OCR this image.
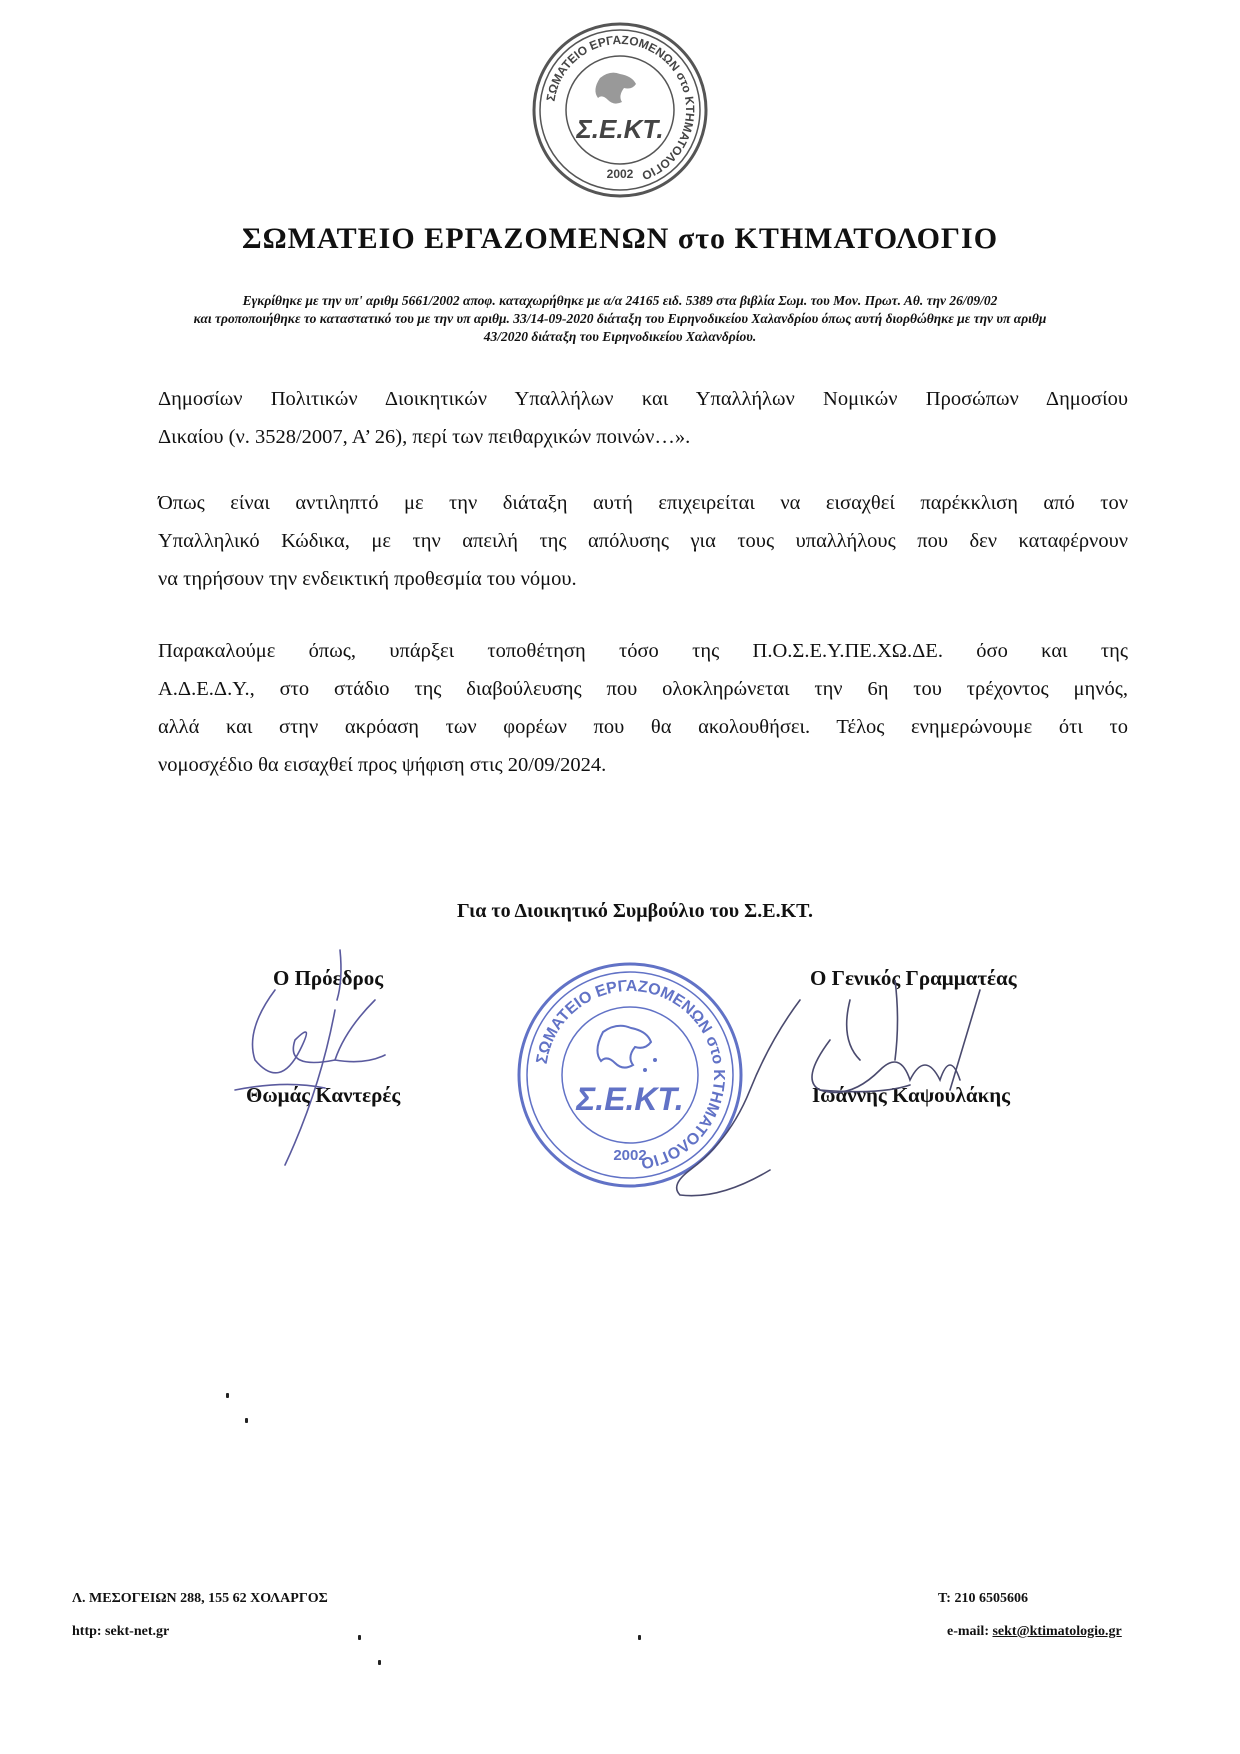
ΣΩΜΑΤΕΙΟ ΕΡΓΑΖΟΜΕΝΩΝ στο ΚΤΗΜΑΤΟΛΟΓΙΟ
Σ.Ε.ΚΤ.
2002
ΣΩΜΑΤΕΙΟ ΕΡΓΑΖΟΜΕΝΩΝ στο ΚΤΗΜΑΤΟΛΟΓΙΟ
Εγκρίθηκε με την υπ' αριθμ 5661/2002 αποφ. καταχωρήθηκε με α/α 24165 ειδ. 5389 στα βιβλία Σωμ. του Μον. Πρωτ. Αθ. την 26/09/02
και τροποποιήθηκε το καταστατικό του με την υπ αριθμ. 33/14-09-2020 διάταξη του Ειρηνοδικείου Χαλανδρίου όπως αυτή διορθώθηκε με την υπ αριθμ
43/2020 διάταξη του Ειρηνοδικείου Χαλανδρίου.
Δημοσίων Πολιτικών Διοικητικών Υπαλλήλων και Υπαλλήλων Νομικών Προσώπων Δημοσίου
Δικαίου (ν. 3528/2007, Α’ 26), περί των πειθαρχικών ποινών…».
Όπως είναι αντιληπτό με την διάταξη αυτή επιχειρείται να εισαχθεί παρέκκλιση από τον
Υπαλληλικό Κώδικα, με την απειλή της απόλυσης για τους υπαλλήλους που δεν καταφέρνουν
να τηρήσουν την ενδεικτική προθεσμία του νόμου.
Παρακαλούμε όπως, υπάρξει τοποθέτηση τόσο της Π.Ο.Σ.Ε.Υ.ΠΕ.ΧΩ.ΔΕ. όσο και της
Α.Δ.Ε.Δ.Υ., στο στάδιο της διαβούλευσης που ολοκληρώνεται την 6η του τρέχοντος μηνός,
αλλά και στην ακρόαση των φορέων που θα ακολουθήσει. Τέλος ενημερώνουμε ότι το
νομοσχέδιο θα εισαχθεί προς ψήφιση στις 20/09/2024.
Για το Διοικητικό Συμβούλιο του Σ.Ε.ΚΤ.
Ο Πρόεδρος
Θωμάς Καντερές
Ο Γενικός Γραμματέας
Ιωάννης Καψουλάκης
ΣΩΜΑΤΕΙΟ ΕΡΓΑΖΟΜΕΝΩΝ στο ΚΤΗΜΑΤΟΛΟΓΙΟ
Σ.Ε.ΚΤ.
2002
Λ. ΜΕΣΟΓΕΙΩΝ 288, 155 62 ΧΟΛΑΡΓΟΣ
http: sekt-net.gr
Τ: 210 6505606
e-mail: sekt@ktimatologio.gr
